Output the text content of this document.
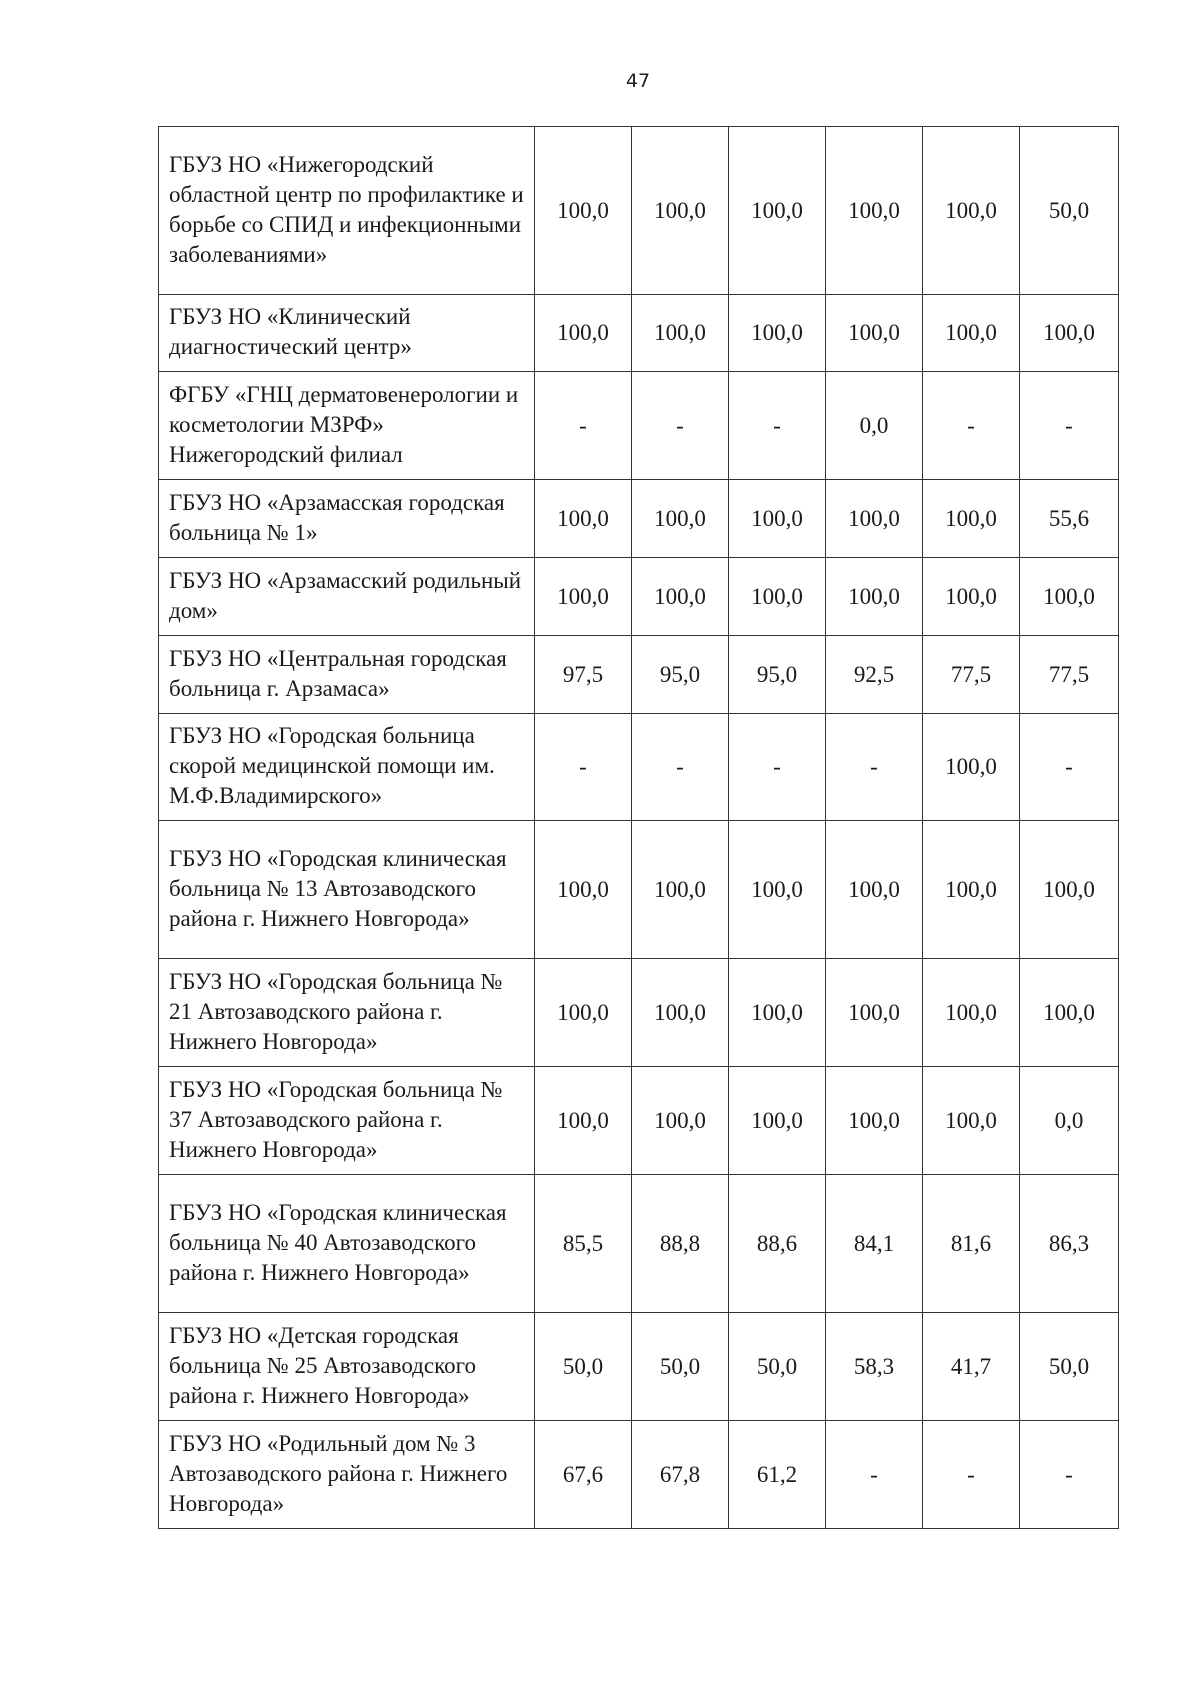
47
ГБУЗ НО «Нижегородский областной центр по профилактике и борьбе со СПИД и инфекционными заболеваниями»	100,0	100,0	100,0	100,0	100,0	50,0
ГБУЗ НО «Клинический диагностический центр»	100,0	100,0	100,0	100,0	100,0	100,0
ФГБУ «ГНЦ дерматовенерологии и косметологии МЗРФ» Нижегородский филиал	-	-	-	0,0	-	-
ГБУЗ НО «Арзамасская городская больница № 1»	100,0	100,0	100,0	100,0	100,0	55,6
ГБУЗ НО «Арзамасский родильный дом»	100,0	100,0	100,0	100,0	100,0	100,0
ГБУЗ НО «Центральная городская больница г. Арзамаса»	97,5	95,0	95,0	92,5	77,5	77,5
ГБУЗ НО «Городская больница скорой медицинской помощи им. М.Ф.Владимирского»	-	-	-	-	100,0	-
ГБУЗ НО «Городская клиническая больница № 13 Автозаводского района г. Нижнего Новгорода»	100,0	100,0	100,0	100,0	100,0	100,0
ГБУЗ НО «Городская больница № 21 Автозаводского района г. Нижнего Новгорода»	100,0	100,0	100,0	100,0	100,0	100,0
ГБУЗ НО «Городская больница № 37 Автозаводского района г. Нижнего Новгорода»	100,0	100,0	100,0	100,0	100,0	0,0
ГБУЗ НО «Городская клиническая больница № 40 Автозаводского района г. Нижнего Новгорода»	85,5	88,8	88,6	84,1	81,6	86,3
ГБУЗ НО «Детская городская больница № 25 Автозаводского района г. Нижнего Новгорода»	50,0	50,0	50,0	58,3	41,7	50,0
ГБУЗ НО «Родильный дом № 3 Автозаводского района г. Нижнего Новгорода»	67,6	67,8	61,2	-	-	-
